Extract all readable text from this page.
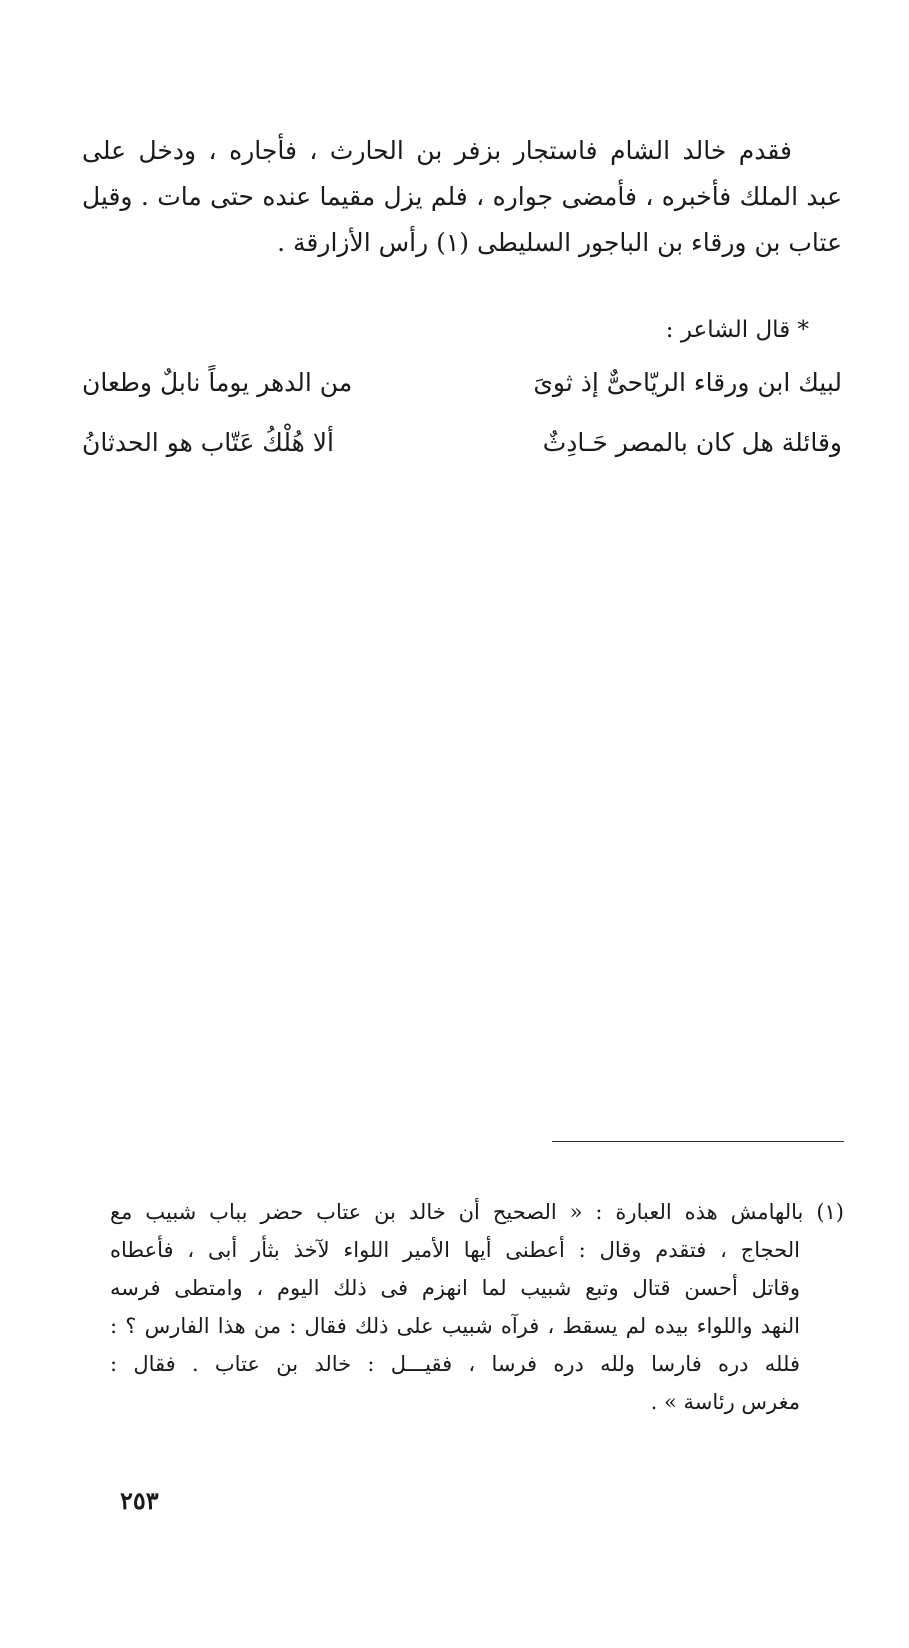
فقدم خالد الشام فاستجار بزفر بن الحارث ، فأجاره ، ودخل على
عبد الملك فأخبره ، فأمضى جواره ، فلم يزل مقيما عنده حتى مات . وقيل
عتاب بن ورقاء بن الباجور السليطى (١) رأس الأزارقة .
* قال الشاعر :
لبيك ابن ورقاء الريّاحىٌّ إذ ثوىَ
من الدهر يوماً نابلٌ وطعان
وقائلة هل كان بالمصر حَـادِثٌ
ألا هُلْكُ عَتّاب هو الحدثانُ
(١) بالهامش هذه العبارة : « الصحيح أن خالد بن عتاب حضر بباب شبيب مع
الحجاج ، فتقدم وقال : أعطنى أيها الأمير اللواء لآخذ بثأر أبى ، فأعطاه
وقاتل أحسن قتال وتبع شبيب لما انهزم فى ذلك اليوم ، وامتطى فرسه
النهد واللواء بيده لم يسقط ، فرآه شبيب على ذلك فقال : من هذا الفارس ؟ :
فلله دره فارسا ولله دره فرسا ، فقيـــل : خالد بن عتاب . فقال :
مغرس رئاسة » .
٢٥٣
